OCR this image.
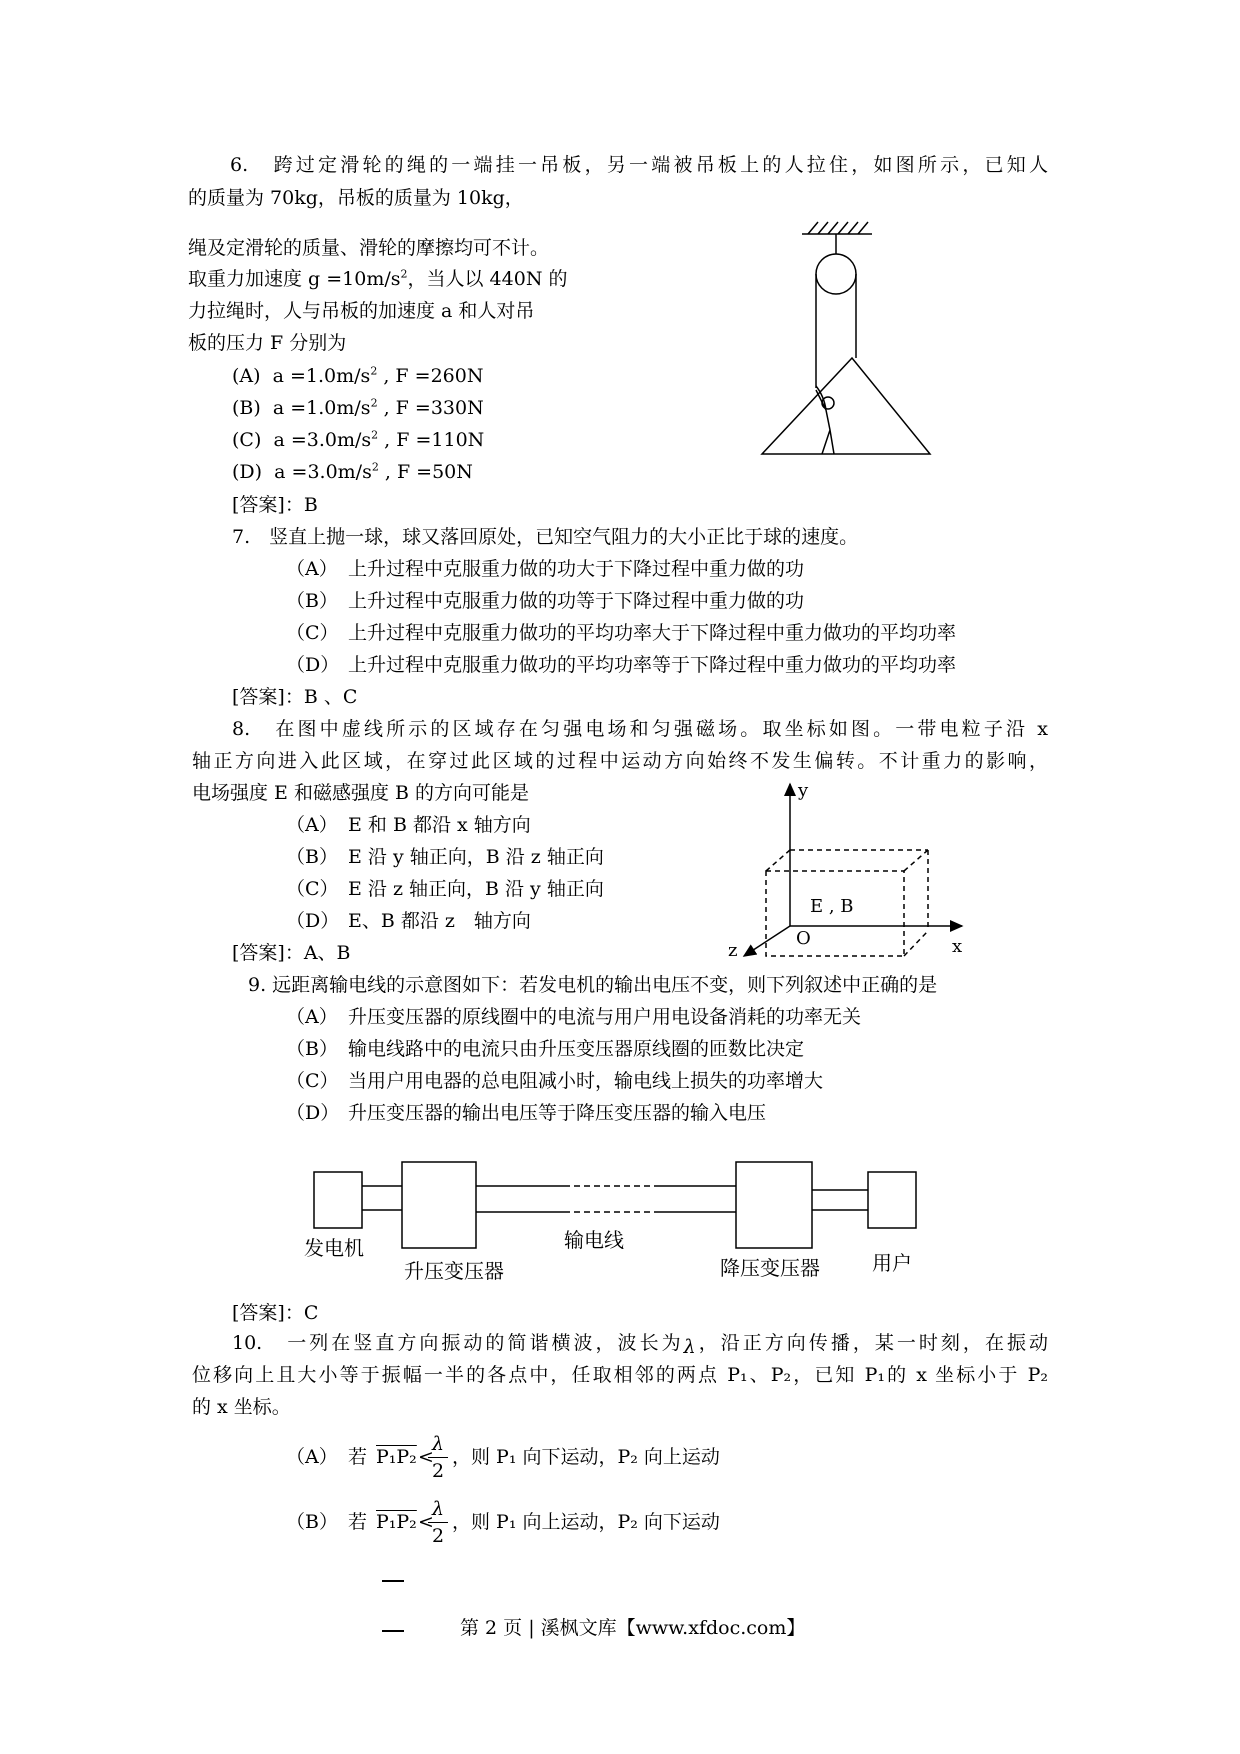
6.　跨过定滑轮的绳的一端挂一吊板，另一端被吊板上的人拉住，如图所示，已知人
的质量为 70kg，吊板的质量为 10kg，
绳及定滑轮的质量、滑轮的摩擦均可不计。
取重力加速度 $g =10m/s^2$，当人以 440N 的
力拉绳时，人与吊板的加速度 a 和人对吊
板的压力 F 分别为
(A) $a =1.0m/s^2$ , F =260N
(B) $a =1.0m/s^2$ , F =330N
(C) $a =3.0m/s^2$ , F =110N
(D) $a =3.0m/s^2$ , F =50N
[答案]：B
7.　竖直上抛一球，球又落回原处，已知空气阻力的大小正比于球的速度。
（A） 上升过程中克服重力做的功大于下降过程中重力做的功
（B） 上升过程中克服重力做的功等于下降过程中重力做的功
（C） 上升过程中克服重力做功的平均功率大于下降过程中重力做功的平均功率
（D） 上升过程中克服重力做功的平均功率等于下降过程中重力做功的平均功率
[答案]：B 、C
8.　在图中虚线所示的区域存在匀强电场和匀强磁场。取坐标如图。一带电粒子沿 x
轴正方向进入此区域，在穿过此区域的过程中运动方向始终不发生偏转。不计重力的影响，
电场强度 E 和磁感强度 B 的方向可能是
（A） E 和 B 都沿 x 轴方向
（B） E 沿 y 轴正向，B 沿 z 轴正向
（C） E 沿 z 轴正向，B 沿 y 轴正向
（D） E、B 都沿 z　轴方向
[答案]：A、B
y
x
z
O
E , B
9. 远距离输电线的示意图如下：若发电机的输出电压不变，则下列叙述中正确的是
（A） 升压变压器的原线圈中的电流与用户用电设备消耗的功率无关
（B） 输电线路中的电流只由升压变压器原线圈的匝数比决定
（C） 当用户用电器的总电阻减小时，输电线上损失的功率增大
（D） 升压变压器的输出电压等于降压变压器的输入电压
发电机
升压变压器
输电线
降压变压器	用户
[答案]：C
10.　一列在竖直方向振动的简谐横波，波长为λ，沿正方向传播，某一时刻，在振动
位移向上且大小等于振幅一半的各点中，任取相邻的两点 P₁、P₂，已知 P₁的 x 坐标小于 P₂
的 x 坐标。
（A） 若 P₁P₂ <
$\frac{\lambda}{2}$ ，则 P₁ 向下运动，P₂ 向上运动
（B） 若 P₁P₂ <
$\frac{\lambda}{2}$ ，则 P₁ 向上运动，P₂ 向下运动
第 2 页 | 溪枫文库【www.xfdoc.com】
